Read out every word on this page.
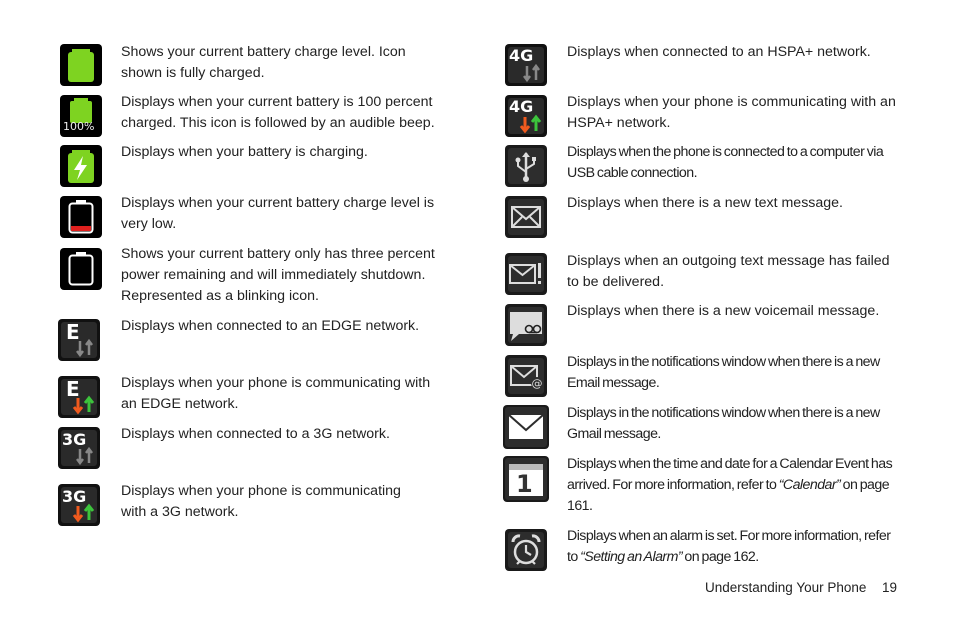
Shows your current battery charge level. Icon shown is fully charged.
100%
Displays when your current battery is 100 percent charged. This icon is followed by an audible beep.
Displays when your battery is charging.
Displays when your current battery charge level is very low.
Shows your current battery only has three percent power remaining and will immediately shutdown. Represented as a blinking icon.
E	Displays when connected to an EDGE network.
E	Displays when your phone is communicating with an EDGE network.
3G Displays when connected to a 3G network.
3G Displays when your phone is communicating with a 3G network.
4G Displays when connected to an HSPA+ network.
4G Displays when your phone is communicating with an HSPA+ network.
Displays when the phone is connected to a computer via USB cable connection.
Displays when there is a new text message.
Displays when an outgoing text message has failed to be delivered.
Displays when there is a new voicemail message.
@
Displays in the notifications window when there is a new Email message.
Displays in the notifications window when there is a new Gmail message.
1
Displays when the time and date for a Calendar Event has arrived. For more information, refer to “Calendar” on page 161.
Displays when an alarm is set. For more information, refer to “Setting an Alarm” on page 162.
Understanding Your Phone 19
